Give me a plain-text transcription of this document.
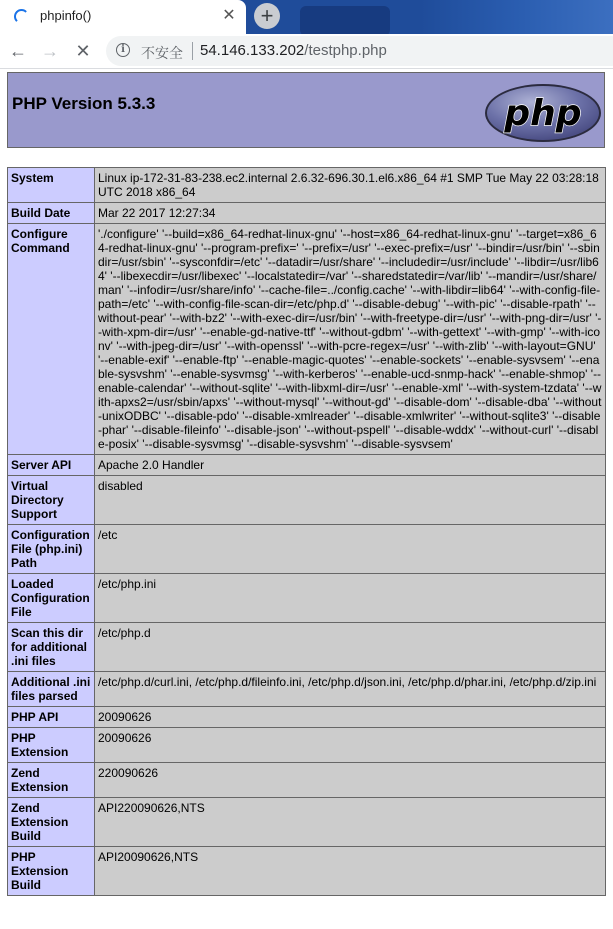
phpinfo()	✕ +
← → ✕	i	不安全 54.146.133.202/testphp.php
PHP Version 5.3.3	php
System	Linux ip-172-31-83-238.ec2.internal 2.6.32-696.30.1.el6.x86_64 #1 SMP Tue May 22 03:28:18 UTC 2018 x86_64
Build Date	Mar 22 2017 12:27:34
Configure Command	'./configure' '--build=x86_64-redhat-linux-gnu' '--host=x86_64-redhat-linux-gnu' '--target=x86_64-redhat-linux-gnu' '--program-prefix=' '--prefix=/usr' '--exec-prefix=/usr' '--bindir=/usr/bin' '--sbindir=/usr/sbin' '--sysconfdir=/etc' '--datadir=/usr/share' '--includedir=/usr/include' '--libdir=/usr/lib64' '--libexecdir=/usr/libexec' '--localstatedir=/var' '--sharedstatedir=/var/lib' '--mandir=/usr/share/man' '--infodir=/usr/share/info' '--cache-file=../config.cache' '--with-libdir=lib64' '--with-config-file-path=/etc' '--with-config-file-scan-dir=/etc/php.d' '--disable-debug' '--with-pic' '--disable-rpath' '--without-pear' '--with-bz2' '--with-exec-dir=/usr/bin' '--with-freetype-dir=/usr' '--with-png-dir=/usr' '--with-xpm-dir=/usr' '--enable-gd-native-ttf' '--without-gdbm' '--with-gettext' '--with-gmp' '--with-iconv' '--with-jpeg-dir=/usr' '--with-openssl' '--with-pcre-regex=/usr' '--with-zlib' '--with-layout=GNU' '--enable-exif' '--enable-ftp' '--enable-magic-quotes' '--enable-sockets' '--enable-sysvsem' '--enable-sysvshm' '--enable-sysvmsg' '--with-kerberos' '--enable-ucd-snmp-hack' '--enable-shmop' '--enable-calendar' '--without-sqlite' '--with-libxml-dir=/usr' '--enable-xml' '--with-system-tzdata' '--with-apxs2=/usr/sbin/apxs' '--without-mysql' '--without-gd' '--disable-dom' '--disable-dba' '--without-unixODBC' '--disable-pdo' '--disable-xmlreader' '--disable-xmlwriter' '--without-sqlite3' '--disable-phar' '--disable-fileinfo' '--disable-json' '--without-pspell' '--disable-wddx' '--without-curl' '--disable-posix' '--disable-sysvmsg' '--disable-sysvshm' '--disable-sysvsem'
Server API	Apache 2.0 Handler
Virtual Directory Support	disabled
Configuration File (php.ini) Path	/etc
Loaded Configuration File	/etc/php.ini
Scan this dir for additional .ini files	/etc/php.d
Additional .ini files parsed	/etc/php.d/curl.ini, /etc/php.d/fileinfo.ini, /etc/php.d/json.ini, /etc/php.d/phar.ini, /etc/php.d/zip.ini
PHP API	20090626
PHP Extension	20090626
Zend Extension	220090626
Zend Extension Build	API220090626,NTS
PHP Extension Build	API20090626,NTS
